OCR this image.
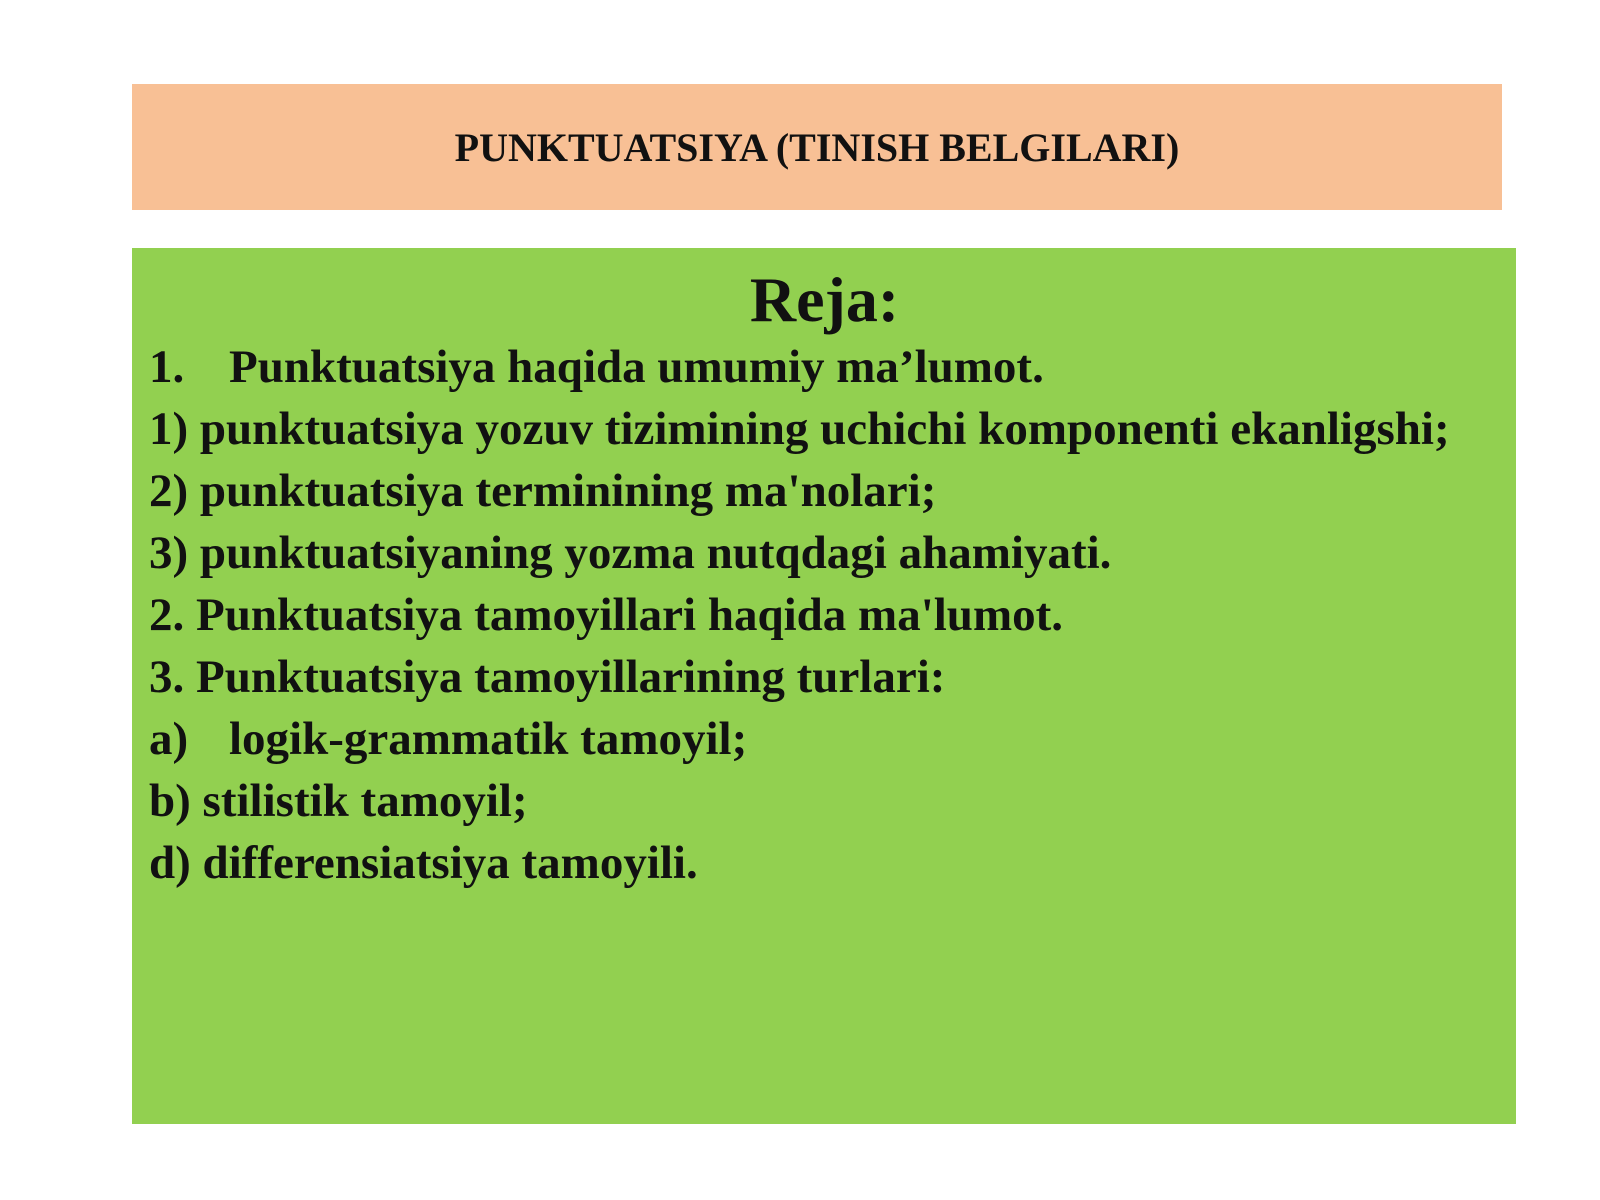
PUNKTUATSIYA (TINISH BELGILARI)
Reja:
1. Punktuatsiya haqida umumiy ma’lumot.
1) punktuatsiya yozuv tizimining uchichi komponenti ekanligshi;
2) punktuatsiya terminining ma'nolari;
3) punktuatsiyaning yozma nutqdagi ahamiyati.
2. Punktuatsiya tamoyillari haqida ma'lumot.
3. Punktuatsiya tamoyillarining turlari:
a) logik-grammatik tamoyil;
b) stilistik tamoyil;
d) differensiatsiya tamoyili.
